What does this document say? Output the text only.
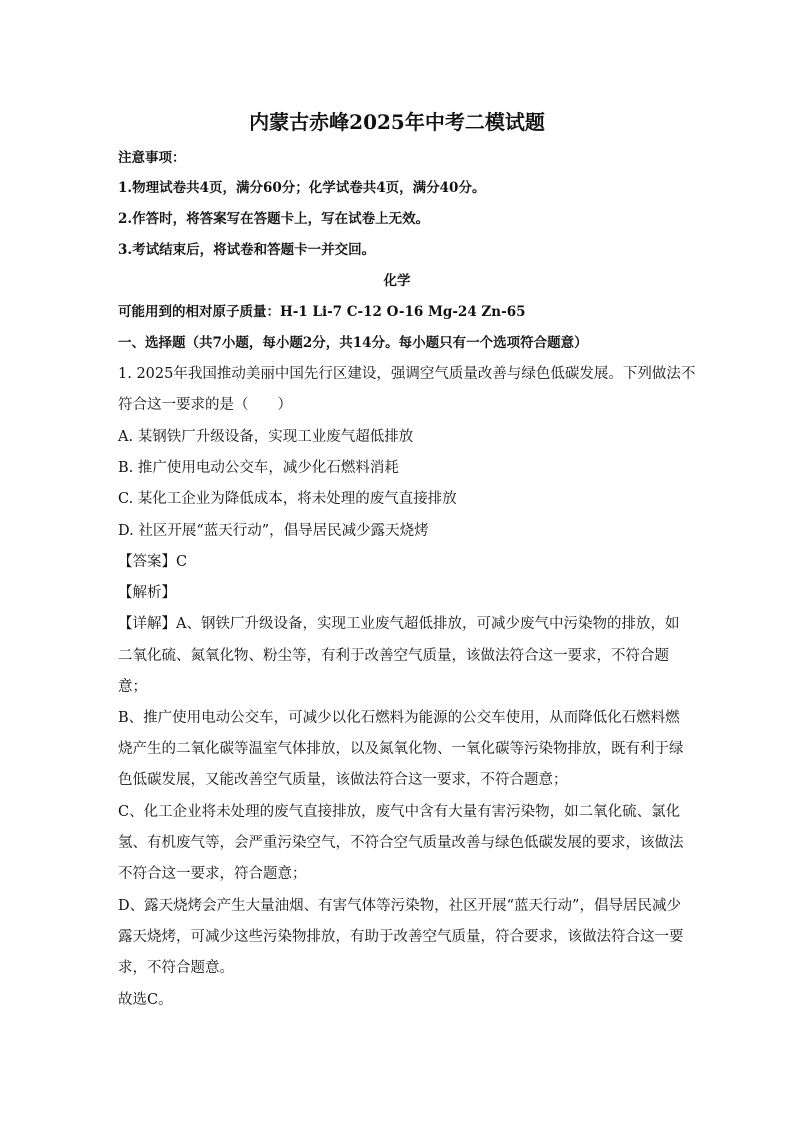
内蒙古赤峰2025年中考二模试题
注意事项：
1.物理试卷共4页，满分60分；化学试卷共4页，满分40分。
2.作答时，将答案写在答题卡上，写在试卷上无效。
3.考试结束后，将试卷和答题卡一并交回。
化学
可能用到的相对原子质量：H-1 Li-7 C-12 O-16 Mg-24 Zn-65
一、选择题（共7小题，每小题2分，共14分。每小题只有一个选项符合题意）
1. 2025年我国推动美丽中国先行区建设，强调空气质量改善与绿色低碳发展。下列做法不
符合这一要求的是（　　）
A. 某钢铁厂升级设备，实现工业废气超低排放
B. 推广使用电动公交车，减少化石燃料消耗
C. 某化工企业为降低成本，将未处理的废气直接排放
D. 社区开展“蓝天行动”，倡导居民减少露天烧烤
【答案】C
【解析】
【详解】A、钢铁厂升级设备，实现工业废气超低排放，可减少废气中污染物的排放，如
二氧化硫、氮氧化物、粉尘等，有利于改善空气质量，该做法符合这一要求，不符合题
意；
B、推广使用电动公交车，可减少以化石燃料为能源的公交车使用，从而降低化石燃料燃
烧产生的二氧化碳等温室气体排放，以及氮氧化物、一氧化碳等污染物排放，既有利于绿
色低碳发展，又能改善空气质量，该做法符合这一要求，不符合题意；
C、化工企业将未处理的废气直接排放，废气中含有大量有害污染物，如二氧化硫、氯化
氢、有机废气等，会严重污染空气，不符合空气质量改善与绿色低碳发展的要求，该做法
不符合这一要求，符合题意；
D、露天烧烤会产生大量油烟、有害气体等污染物，社区开展“蓝天行动”，倡导居民减少
露天烧烤，可减少这些污染物排放，有助于改善空气质量，符合要求，该做法符合这一要
求，不符合题意。
故选C。
